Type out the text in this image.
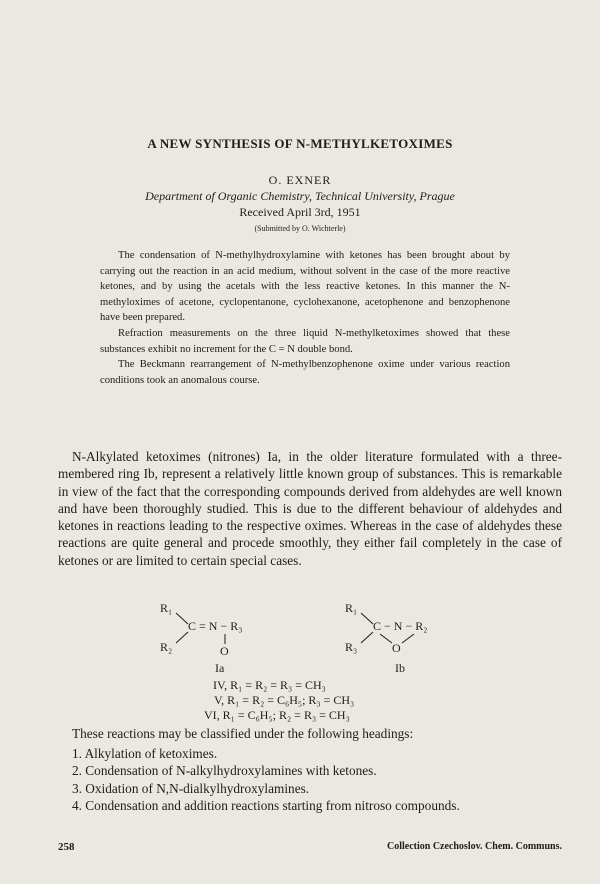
A NEW SYNTHESIS OF N-METHYLKETOXIMES
O. EXNER
Department of Organic Chemistry, Technical University, Prague
Received April 3rd, 1951
(Submitted by O. Wichterle)

The condensation of N-methylhydroxylamine with ketones has been brought about by carrying out the reaction in an acid medium, without solvent in the case of the more reactive ketones, and by using the acetals with the less reactive ketones. In this manner the N-methyloximes of acetone, cyclopentanone, cyclohexanone, acetophenone and benzophenone have been prepared.

Refraction measurements on the three liquid N-methylketoximes showed that these substances exhibit no increment for the C = N double bond.

The Beckmann rearrangement of N-methylbenzophenone oxime under various reaction conditions took an anomalous course.

N-Alkylated ketoximes (nitrones) Ia, in the older literature formulated with a three-membered ring Ib, represent a relatively little known group of substances. This is remarkable in view of the fact that the corresponding compounds derived from aldehydes are well known and have been thoroughly studied. This is due to the different behaviour of aldehydes and ketones in reactions leading to the respective oximes. Whereas in the case of aldehydes these reactions are quite general and procede smoothly, they either fail completely in the case of ketones or are limited to certain special cases.

R₁
C = N − R₃
R₂	O
Ia
R₁
C − N − R₂
R₃	O
Ib
IV, R₁ = R₂ = R₃ = CH₃
V, R₁ = R₂ = C₆H₅; R₃ = CH₃
VI, R₁ = C₆H₅; R₂ = R₃ = CH₃

These reactions may be classified under the following headings:

1. Alkylation of ketoximes.
2. Condensation of N-alkylhydroxylamines with ketones.
3. Oxidation of N,N-dialkylhydroxylamines.
4. Condensation and addition reactions starting from nitroso compounds.
258	Collection Czechoslov. Chem. Communs.
